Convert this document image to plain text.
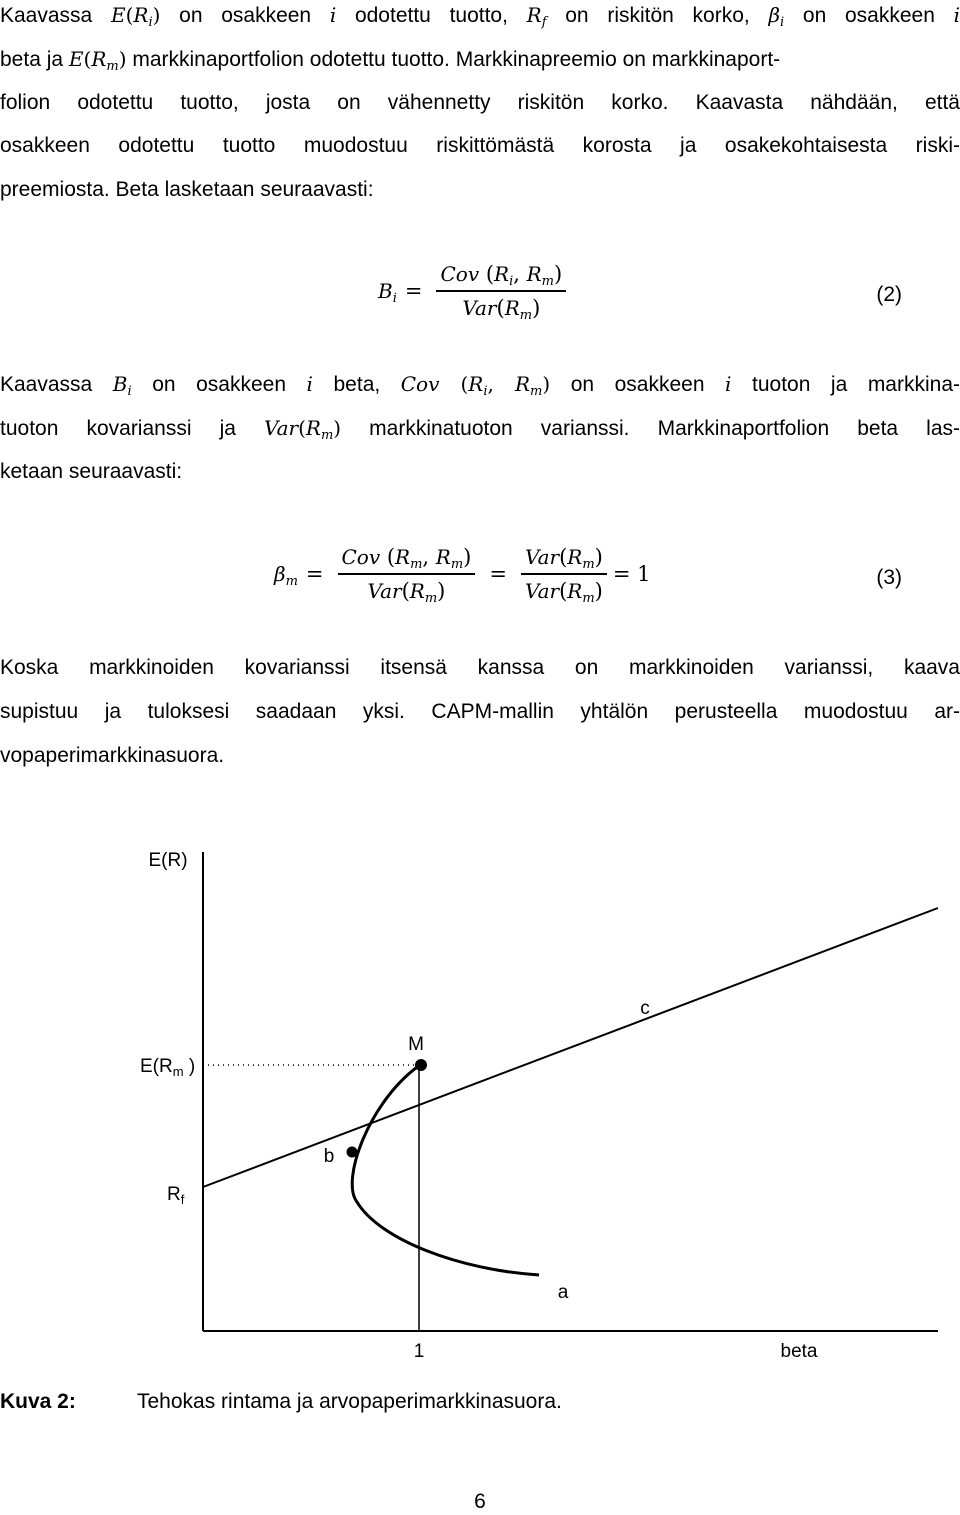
Kaavassa $E(R_i)$ on osakkeen i odotettu tuotto, $R_f$ on riskitön korko, $\beta_i$ on osakkeen i
beta ja $E(R_m)$ markkinaportfolion odotettu tuotto. Markkinapreemio on markkinaport-
folion odotettu tuotto, josta on vähennetty riskitön korko. Kaavasta nähdään, että
osakkeen odotettu tuotto muodostuu riskittömästä korosta ja osakekohtaisesta riski-
preemiosta. Beta lasketaan seuraavasti:
$B_i = \frac{Cov (R_i, R_m)}{Var(R_m)}$	(2)
Kaavassa $B_i$ on osakkeen i beta, Cov ($R_i$, $R_m$) on osakkeen i tuoton ja markkina-
tuoton kovarianssi ja $Var(R_m)$ markkinatuoton varianssi. Markkinaportfolion beta las-
ketaan seuraavasti:
$\beta_m = \frac{Cov (R_m, R_m)}{Var(R_m)} = \frac{Var(R_m)}{Var(R_m)} = 1$	(3)
Koska markkinoiden kovarianssi itsensä kanssa on markkinoiden varianssi, kaava
supistuu ja tuloksesi saadaan yksi. CAPM-mallin yhtälön perusteella muodostuu ar-
vopaperimarkkinasuora.
E(R)
$E(R_m$ )
$R_f$
M
b
a
c
1	beta
Kuva 2:	Tehokas rintama ja arvopaperimarkkinasuora.
6
